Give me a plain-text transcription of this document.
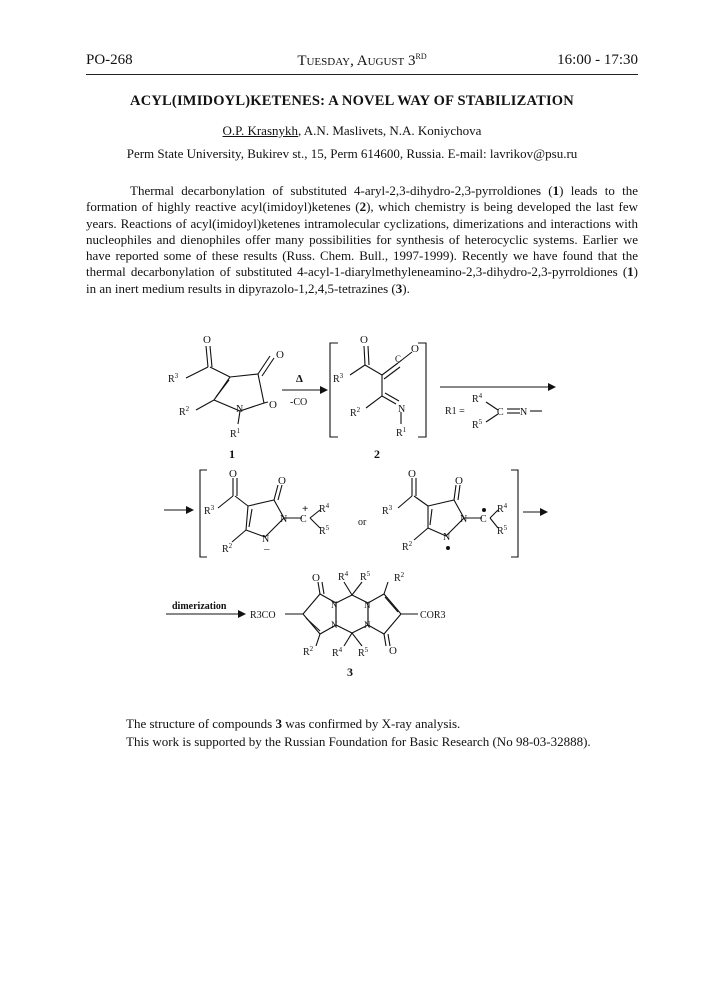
PO-268	Tuesday, August 3RD	16:00 - 17:30
ACYL(IMIDOYL)KETENES: A NOVEL WAY OF STABILIZATION
O.P. Krasnykh, A.N. Maslivets, N.A. Koniychova
Perm State University, Bukirev st., 15, Perm 614600, Russia. E-mail: lavrikov@psu.ru

Thermal decarbonylation of substituted 4-aryl-2,3-dihydro-2,3-pyrroldiones (1) leads to the formation of highly reactive acyl(imidoyl)ketenes (2), which chemistry is being developed the last few years. Reactions of acyl(imidoyl)ketenes intramolecular cyclizations, dimerizations and interactions with nucleophiles and dienophiles offer many possibilities for synthesis of heterocyclic systems. Earlier we have reported some of these results (Russ. Chem. Bull., 1997-1999). Recently we have found that the thermal decarbonylation of substituted 4-acyl-1-diarylmethyleneamino-2,3-dihydro-2,3-pyrroldiones (1) in an inert medium results in dipyrazolo-1,2,4,5-tetrazines (3).

O
O
O
$R^3$
$R^2$	N
$R^1$
1
Δ
-CO
O
O
C
$R^3$
$R^2$	N
$R^1$
2
R1 =
$R^4$
$R^5$
C N
O
O
$R^3$
$R^2$
N
N
–
C
+ $R^4$
$R^5$	or
O
O
$R^3$
$R^2$
N
N
C
$R^4$
$R^5$
dimerization
R3CO	COR3
O $R^4$ $R^5$ $R^2$
N	N
N	N
$R^2$ $R^4$ $R^5$ O
3
The structure of compounds 3 was confirmed by X-ray analysis.
This work is supported by the Russian Foundation for Basic Research (No 98-03-32888).
